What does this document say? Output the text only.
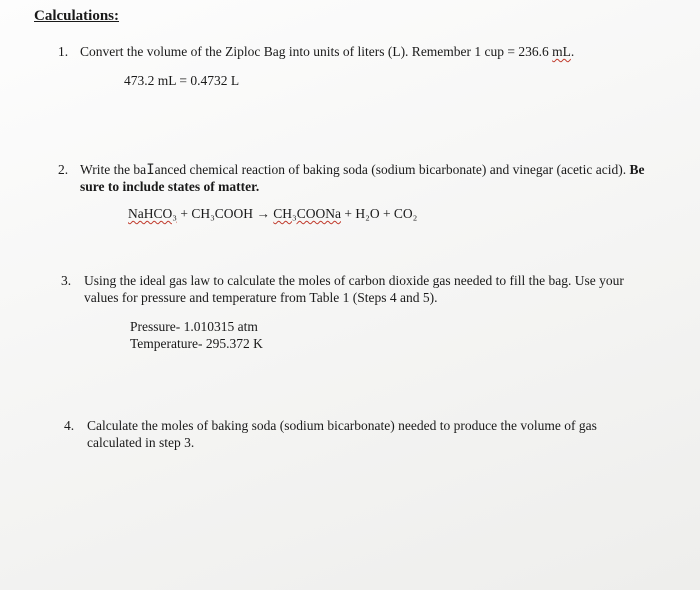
Calculations:
1. Convert the volume of the Ziploc Bag into units of liters (L). Remember 1 cup = 236.6 mL.
473.2 mL = 0.4732 L
2. Write the baIanced chemical reaction of baking soda (sodium bicarbonate) and vinegar (acetic acid). Be
sure to include states of matter.
NaHCO₃ + CH₃COOH → CH₃COONa + H₂O + CO₂
3. Using the ideal gas law to calculate the moles of carbon dioxide gas needed to fill the bag. Use your
values for pressure and temperature from Table 1 (Steps 4 and 5).
Pressure- 1.010315 atm
Temperature- 295.372 K
4. Calculate the moles of baking soda (sodium bicarbonate) needed to produce the volume of gas
calculated in step 3.
